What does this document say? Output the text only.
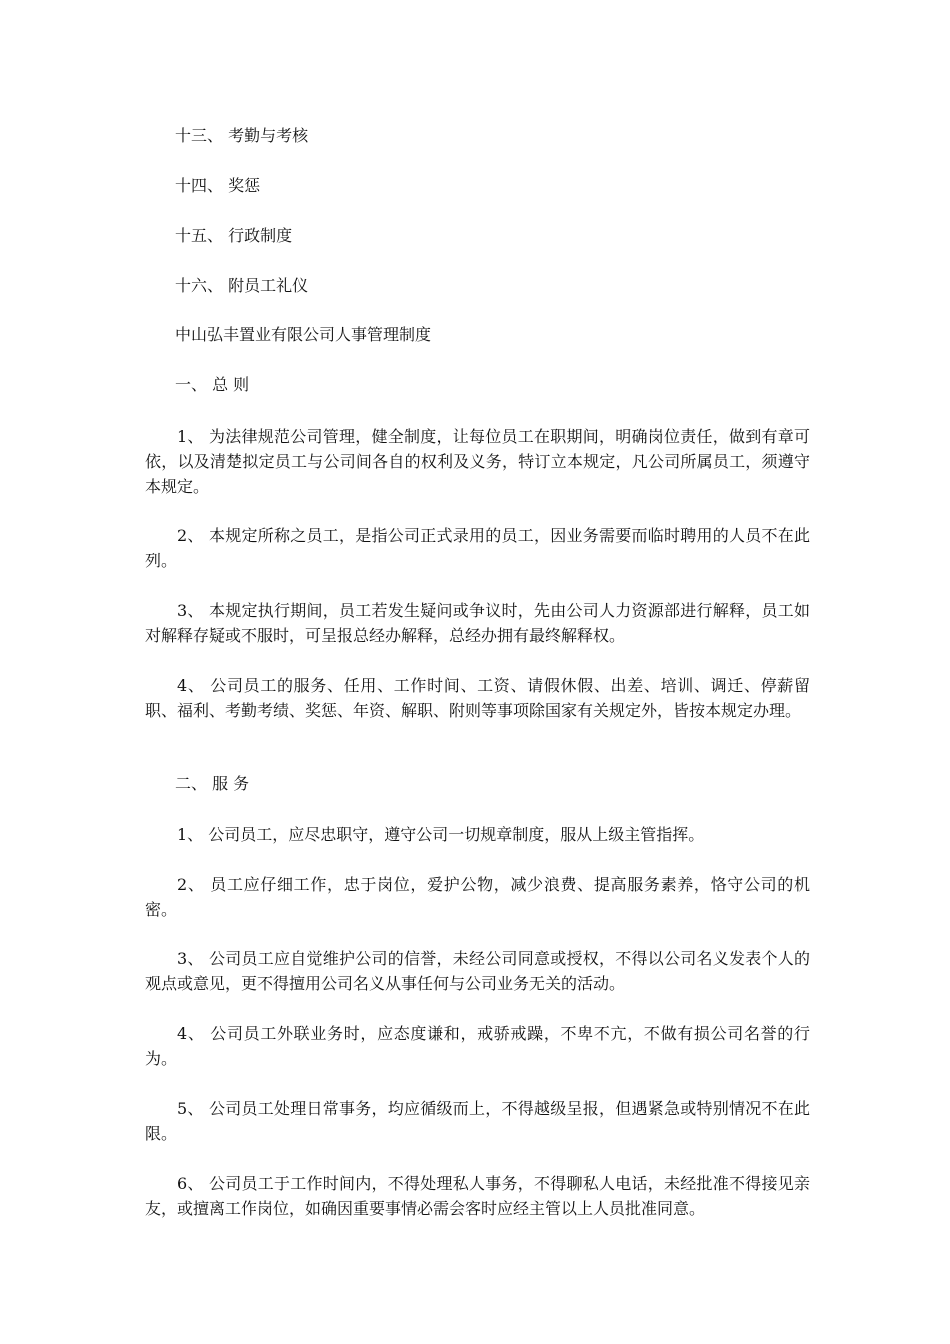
十三、 考勤与考核
十四、 奖惩
十五、 行政制度
十六、 附员工礼仪
中山弘丰置业有限公司人事管理制度
一、 总 则
1、 为法律规范公司管理，健全制度，让每位员工在职期间，明确岗位责任，做到有章可依，以及清楚拟定员工与公司间各自的权利及义务，特订立本规定，凡公司所属员工，须遵守本规定。
2、 本规定所称之员工，是指公司正式录用的员工，因业务需要而临时聘用的人员不在此列。
3、 本规定执行期间，员工若发生疑问或争议时，先由公司人力资源部进行解释，员工如对解释存疑或不服时，可呈报总经办解释，总经办拥有最终解释权。
4、 公司员工的服务、任用、工作时间、工资、请假休假、出差、培训、调迁、停薪留职、福利、考勤考绩、奖惩、年资、解职、附则等事项除国家有关规定外，皆按本规定办理。
二、 服 务
1、 公司员工，应尽忠职守，遵守公司一切规章制度，服从上级主管指挥。
2、 员工应仔细工作，忠于岗位，爱护公物，减少浪费、提高服务素养，恪守公司的机密。
3、 公司员工应自觉维护公司的信誉，未经公司同意或授权，不得以公司名义发表个人的观点或意见，更不得擅用公司名义从事任何与公司业务无关的活动。
4、 公司员工外联业务时，应态度谦和，戒骄戒躁，不卑不亢，不做有损公司名誉的行为。
5、 公司员工处理日常事务，均应循级而上，不得越级呈报，但遇紧急或特别情况不在此限。
6、 公司员工于工作时间内，不得处理私人事务，不得聊私人电话，未经批准不得接见亲友，或擅离工作岗位，如确因重要事情必需会客时应经主管以上人员批准同意。
